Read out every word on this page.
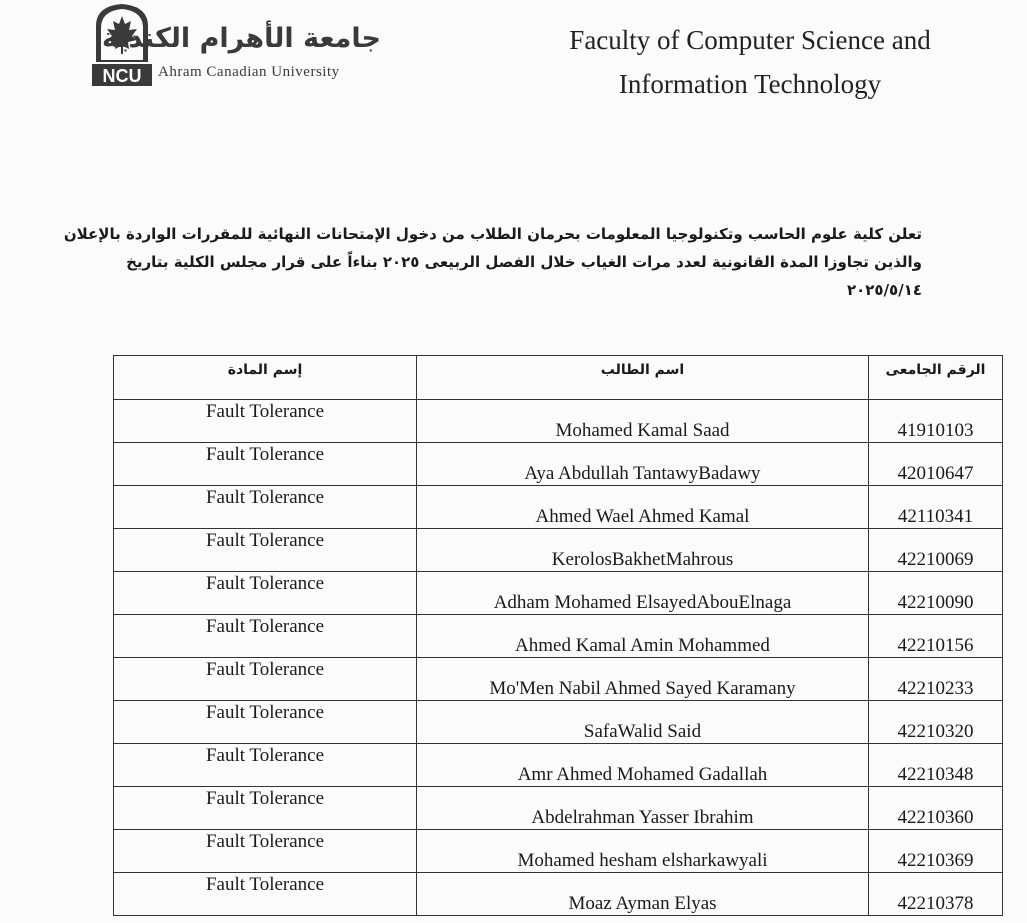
NCU
جامعة الأهرام الكندية
Ahram Canadian University
Faculty of Computer Science and
Information Technology
تعلن كلية علوم الحاسب وتكنولوجيا المعلومات بحرمان الطلاب من دخول الإمتحانات النهائية للمقررات الواردة بالإعلان
والذين تجاوزا المدة القانونية لعدد مرات الغياب خلال الفصل الربيعى ٢٠٢٥ بناءاً على قرار مجلس الكلية بتاريخ
٢٠٢٥/٥/١٤
إسم المادة	اسم الطالب	الرقم الجامعى
Fault Tolerance	Mohamed Kamal Saad	41910103
Fault Tolerance	Aya Abdullah TantawyBadawy	42010647
Fault Tolerance	Ahmed Wael Ahmed Kamal	42110341
Fault Tolerance	KerolosBakhetMahrous	42210069
Fault Tolerance	Adham Mohamed ElsayedAbouElnaga	42210090
Fault Tolerance	Ahmed Kamal Amin Mohammed	42210156
Fault Tolerance	Mo'Men Nabil Ahmed Sayed Karamany	42210233
Fault Tolerance	SafaWalid Said	42210320
Fault Tolerance	Amr Ahmed Mohamed Gadallah	42210348
Fault Tolerance	Abdelrahman Yasser Ibrahim	42210360
Fault Tolerance	Mohamed hesham elsharkawyali	42210369
Fault Tolerance	Moaz Ayman Elyas	42210378
